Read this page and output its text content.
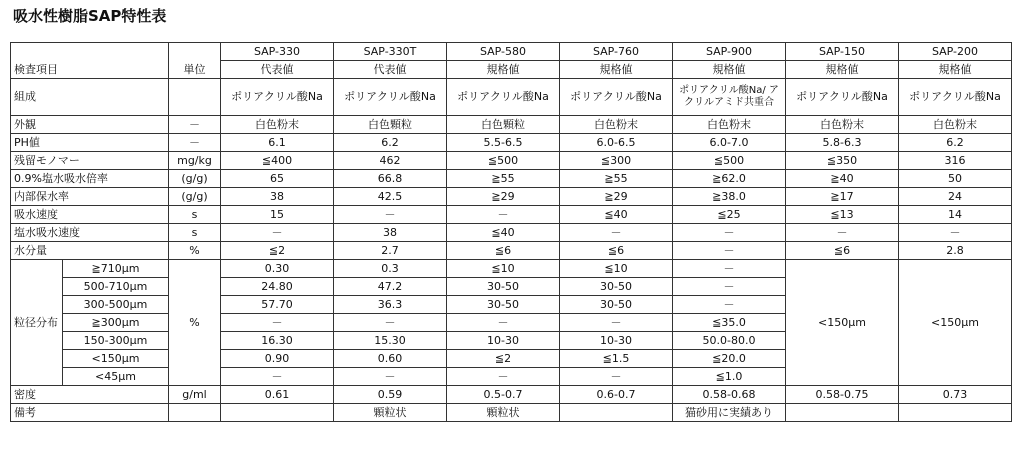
吸水性樹脂SAP特性表
検査項目		単位	SAP-330	SAP-330T	SAP-580	SAP-760	SAP-900	SAP-150	SAP-200
			代表値	代表値	規格値	規格値	規格値	規格値	規格値
組成			ポリアクリル酸Na	ポリアクリル酸Na	ポリアクリル酸Na	ポリアクリル酸Na	ポリアクリル酸Na/ アクリルアミド共重合	ポリアクリル酸Na	ポリアクリル酸Na
外観		－	白色粉末	白色顆粒	白色顆粒	白色粉末	白色粉末	白色粉末	白色粉末
PH値		－	6.1	6.2	5.5-6.5	6.0-6.5	6.0-7.0	5.8-6.3	6.2
残留モノマー		mg/kg	≦400	462	≦500	≦300	≦500	≦350	316
0.9%塩水吸水倍率		(g/g)	65	66.8	≧55	≧55	≧62.0	≧40	50
内部保水率		(g/g)	38	42.5	≧29	≧29	≧38.0	≧17	24
吸水速度		s	15	－	－	≦40	≦25	≦13	14
塩水吸水速度		s	－	38	≦40	－	－	－	－
水分量		%	≦2	2.7	≦6	≦6	－	≦6	2.8
粒径分布	≧710μm	%	0.30	0.3	≦10	≦10	－	<150μm	<150μm
	500-710μm		24.80	47.2	30-50	30-50	－		
	300-500μm		57.70	36.3	30-50	30-50	－		
	≧300μm		－	－	－	－	≦35.0		
	150-300μm		16.30	15.30	10-30	10-30	50.0-80.0		
	<150μm		0.90	0.60	≦2	≦1.5	≦20.0		
	<45μm		－	－	－	－	≦1.0		
密度		g/ml	0.61	0.59	0.5-0.7	0.6-0.7	0.58-0.68	0.58-0.75	0.73
備考				顆粒状	顆粒状		猫砂用に実績あり		
